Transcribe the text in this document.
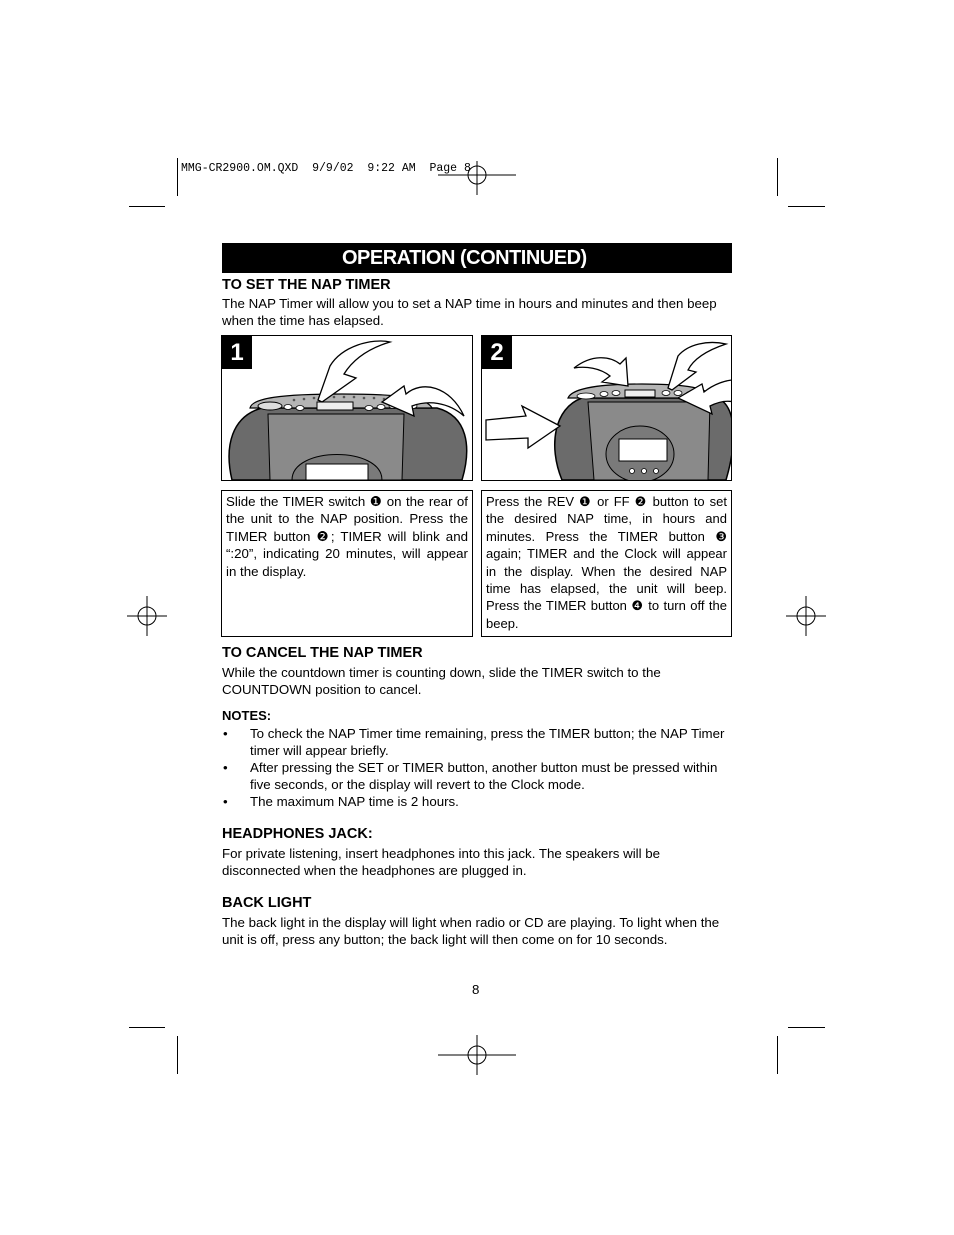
MMG-CR2900.OM.QXD  9/9/02  9:22 AM  Page 8
OPERATION (CONTINUED)
TO SET THE NAP TIMER
The NAP Timer will allow you to set a NAP time in hours and minutes and then beep when the time has elapsed.
1	2
Slide the TIMER switch ❶ on the rear of the unit to the NAP position. Press the TIMER button ❷; TIMER will blink and “:20”, indicating 20 minutes, will appear in the display.
Press the REV ❶ or FF ❷ button to set the desired NAP time, in hours and minutes. Press the TIMER button ❸ again; TIMER and the Clock will appear in the display. When the desired NAP time has elapsed, the unit will beep. Press the TIMER button ❹ to turn off the beep.
TO CANCEL THE NAP TIMER
While the countdown timer is counting down, slide the TIMER switch to the COUNTDOWN position to cancel.
NOTES:
• To check the NAP Timer time remaining, press the TIMER button; the NAP Timer timer will appear briefly.
• After pressing the SET or TIMER button, another button must be pressed within five seconds, or the display will revert to the Clock mode.
• The maximum NAP time is 2 hours.
HEADPHONES JACK:
For private listening, insert headphones into this jack. The speakers will be disconnected when the headphones are plugged in.
BACK LIGHT
The back light in the display will light when radio or CD are playing. To light when the unit is off, press any button; the back light will then come on for 10 seconds.
8
